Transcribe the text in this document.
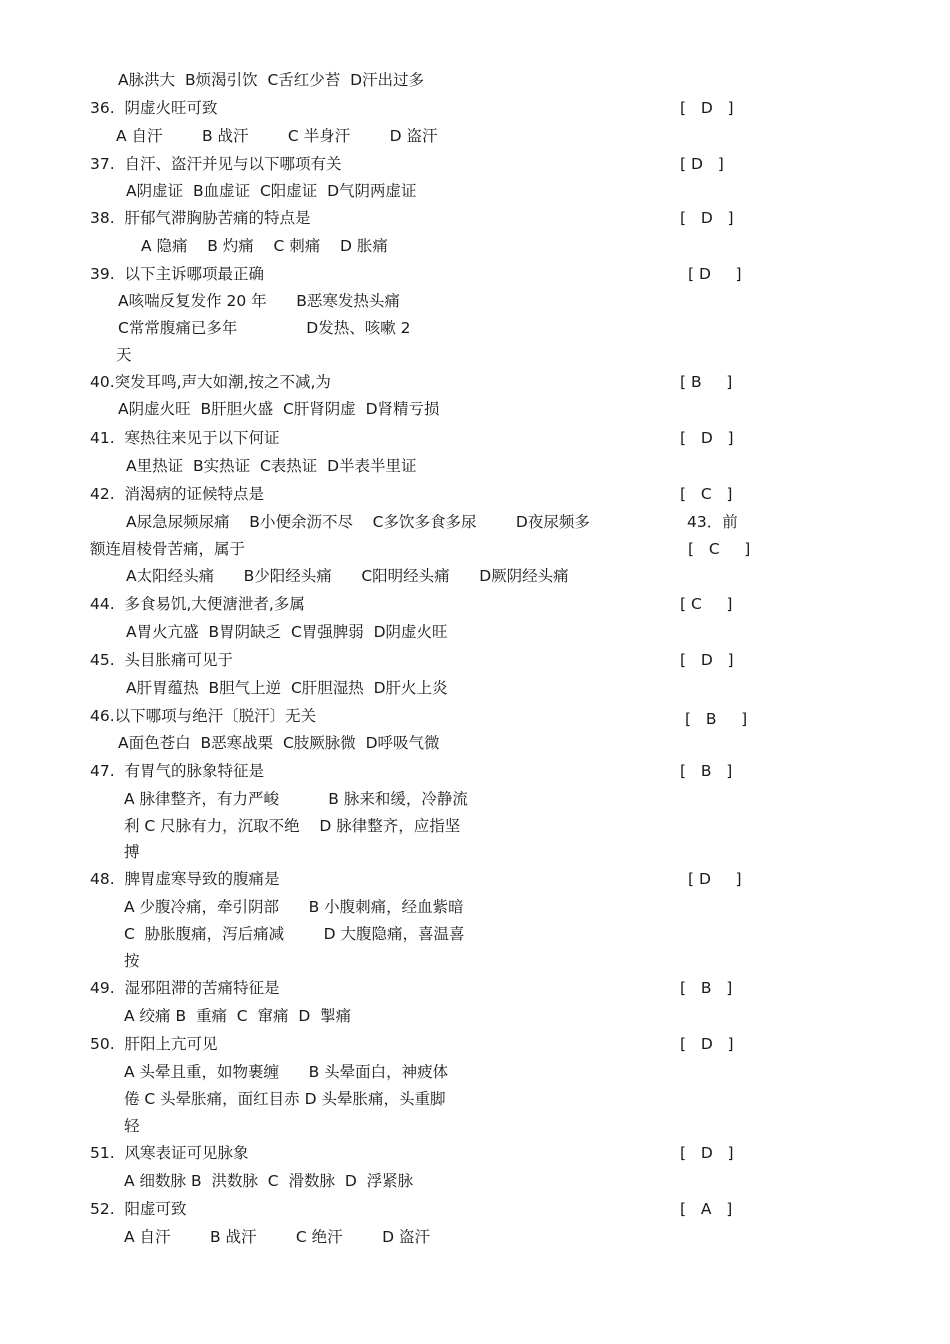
A脉洪大  B烦渴引饮  C舌红少苔  D汗出过多
36.  阴虚火旺可致	[   D   ]
A 自汗        B 战汗        C 半身汗        D 盗汗
37.  自汗、盗汗并见与以下哪项有关	[ D   ]
A阴虚证  B血虚证  C阳虚证  D气阴两虚证
38.  肝郁气滞胸胁苦痛的特点是	[   D   ]
A 隐痛    B 灼痛    C 刺痛    D 胀痛
39.  以下主诉哪项最正确	[ D     ]
A咳喘反复发作 20 年      B恶寒发热头痛
C常常腹痛已多年              D发热、咳嗽 2
天
40.突发耳鸣,声大如潮,按之不减,为	[ B     ]
A阴虚火旺  B肝胆火盛  C肝肾阴虚  D肾精亏损
41.  寒热往来见于以下何证	[   D   ]
A里热证  B实热证  C表热证  D半表半里证
42.  消渴病的证候特点是	[   C   ]
A尿急尿频尿痛    B小便余沥不尽    C多饮多食多尿        D夜尿频多	43．前
额连眉棱骨苦痛，属于	[   C     ]
A太阳经头痛      B少阳经头痛      C阳明经头痛      D厥阴经头痛
44.  多食易饥,大便溏泄者,多属	[ C     ]
A胃火亢盛  B胃阴缺乏  C胃强脾弱  D阴虚火旺
45.  头目胀痛可见于	[   D   ]
A肝胃蕴热  B胆气上逆  C肝胆湿热  D肝火上炎
46.以下哪项与绝汗〔脱汗〕无关	[   B     ]
A面色苍白  B恶寒战栗  C肢厥脉微  D呼吸气微
47.  有胃气的脉象特征是	[   B   ]
A 脉律整齐，有力严峻          B 脉来和缓，冷静流
利 C 尺脉有力，沉取不绝    D 脉律整齐，应指坚
搏
48.  脾胃虚寒导致的腹痛是	[ D     ]
A 少腹冷痛，牵引阴部      B 小腹刺痛，经血紫暗
C  胁胀腹痛，泻后痛减        D 大腹隐痛，喜温喜
按
49.  湿邪阻滞的苦痛特征是	[   B   ]
A 绞痛 B  重痛  C  窜痛  D  掣痛
50.  肝阳上亢可见	[   D   ]
A 头晕且重，如物裹缠      B 头晕面白，神疲体
倦 C 头晕胀痛，面红目赤 D 头晕胀痛，头重脚
轻
51.  风寒表证可见脉象	[   D   ]
A 细数脉 B  洪数脉  C  滑数脉  D  浮紧脉
52.  阳虚可致	[   A   ]
A 自汗        B 战汗        C 绝汗        D 盗汗
